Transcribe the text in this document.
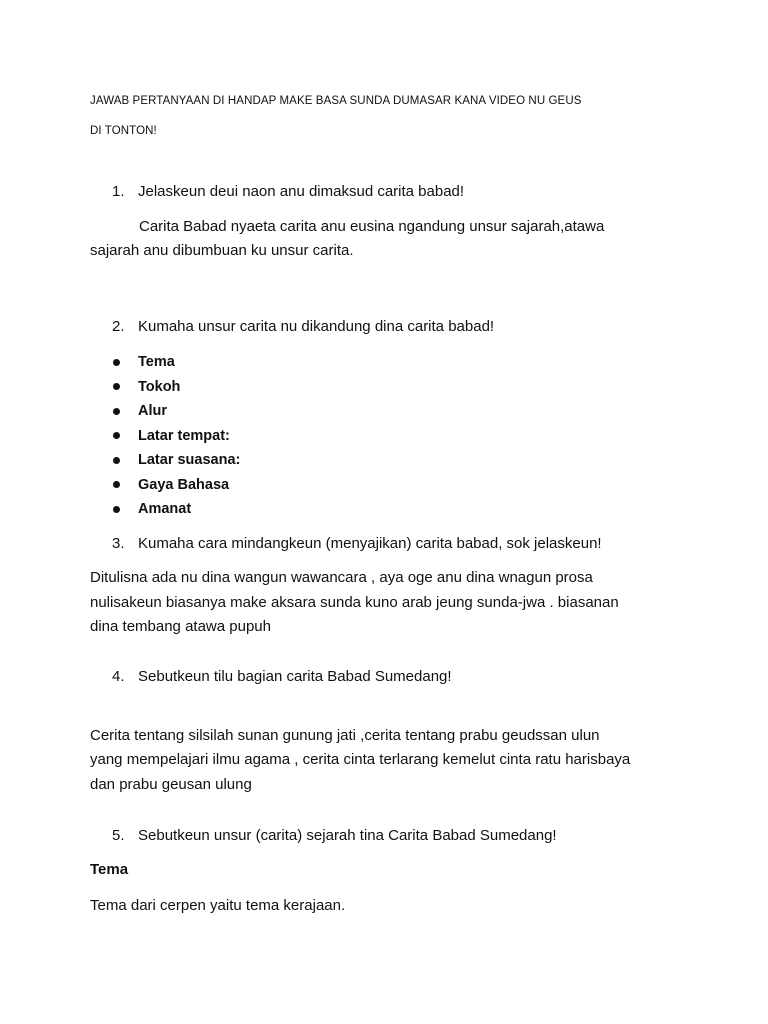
JAWAB PERTANYAAN DI HANDAP MAKE BASA SUNDA DUMASAR KANA VIDEO NU GEUS
DI TONTON!
1. Jelaskeun deui naon anu dimaksud carita babad!
Carita Babad nyaeta carita anu eusina ngandung unsur sajarah,atawa
sajarah anu dibumbuan ku unsur carita.
2. Kumaha unsur carita nu dikandung dina carita babad!
Tema
Tokoh
Alur
Latar tempat:
Latar suasana:
Gaya Bahasa
Amanat
3. Kumaha cara mindangkeun (menyajikan) carita babad, sok jelaskeun!
Ditulisna ada nu dina wangun wawancara , aya oge anu dina wnagun prosa
nulisakeun biasanya make aksara sunda kuno arab jeung sunda-jwa . biasanan
dina tembang atawa pupuh
4. Sebutkeun tilu bagian carita Babad Sumedang!
Cerita tentang silsilah sunan gunung jati ,cerita tentang prabu geudssan ulun
yang mempelajari ilmu agama , cerita cinta terlarang kemelut cinta ratu harisbaya
dan prabu geusan ulung
5. Sebutkeun unsur (carita) sejarah tina Carita Babad Sumedang!
Tema
Tema dari cerpen yaitu tema kerajaan.
